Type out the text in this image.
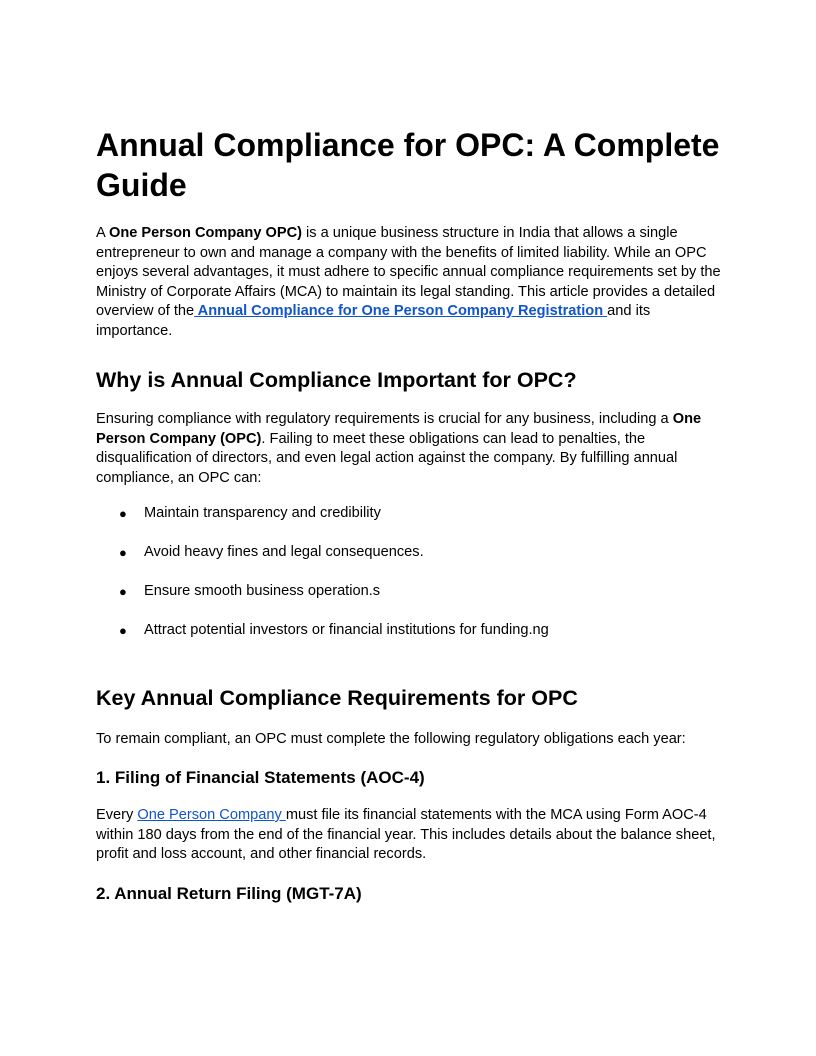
Annual Compliance for OPC: A Complete Guide

A One Person Company OPC) is a unique business structure in India that allows a single entrepreneur to own and manage a company with the benefits of limited liability. While an OPC enjoys several advantages, it must adhere to specific annual compliance requirements set by the Ministry of Corporate Affairs (MCA) to maintain its legal standing. This article provides a detailed overview of the Annual Compliance for One Person Company Registration and its importance.

Why is Annual Compliance Important for OPC?

Ensuring compliance with regulatory requirements is crucial for any business, including a One Person Company (OPC). Failing to meet these obligations can lead to penalties, the disqualification of directors, and even legal action against the company. By fulfilling annual compliance, an OPC can:

● Maintain transparency and credibility
● Avoid heavy fines and legal consequences.
● Ensure smooth business operation.s
● Attract potential investors or financial institutions for funding.ng
Key Annual Compliance Requirements for OPC

To remain compliant, an OPC must complete the following regulatory obligations each year:

1. Filing of Financial Statements (AOC-4)

Every One Person Company must file its financial statements with the MCA using Form AOC-4 within 180 days from the end of the financial year. This includes details about the balance sheet, profit and loss account, and other financial records.

2. Annual Return Filing (MGT-7A)
